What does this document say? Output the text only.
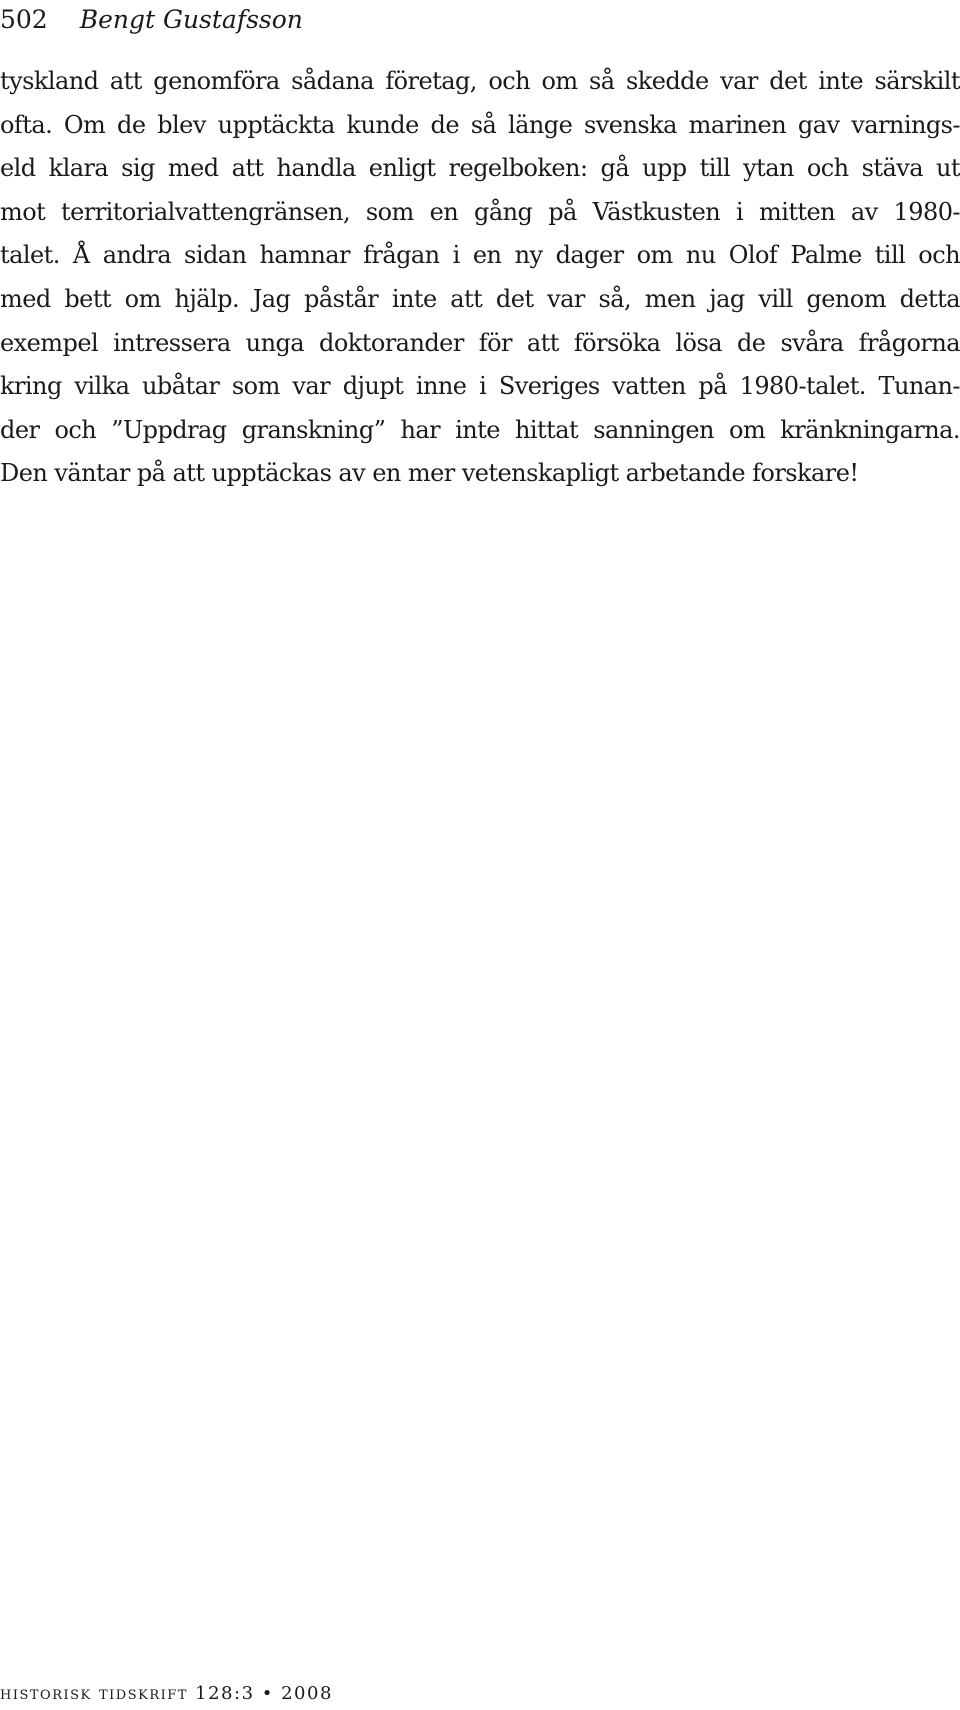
502 Bengt Gustafsson
tyskland att genomföra sådana företag, och om så skedde var det inte särskilt
ofta. Om de blev upptäckta kunde de så länge svenska marinen gav varnings-
eld klara sig med att handla enligt regelboken: gå upp till ytan och stäva ut
mot territorialvattengränsen, som en gång på Västkusten i mitten av 1980-
talet. Å andra sidan hamnar frågan i en ny dager om nu Olof Palme till och
med bett om hjälp. Jag påstår inte att det var så, men jag vill genom detta
exempel intressera unga doktorander för att försöka lösa de svåra frågorna
kring vilka ubåtar som var djupt inne i Sveriges vatten på 1980-talet. Tunan-
der och ”Uppdrag granskning” har inte hittat sanningen om kränkningarna.
Den väntar på att upptäckas av en mer vetenskapligt arbetande forskare!
historisk tidskrift 128:3 • 2008
